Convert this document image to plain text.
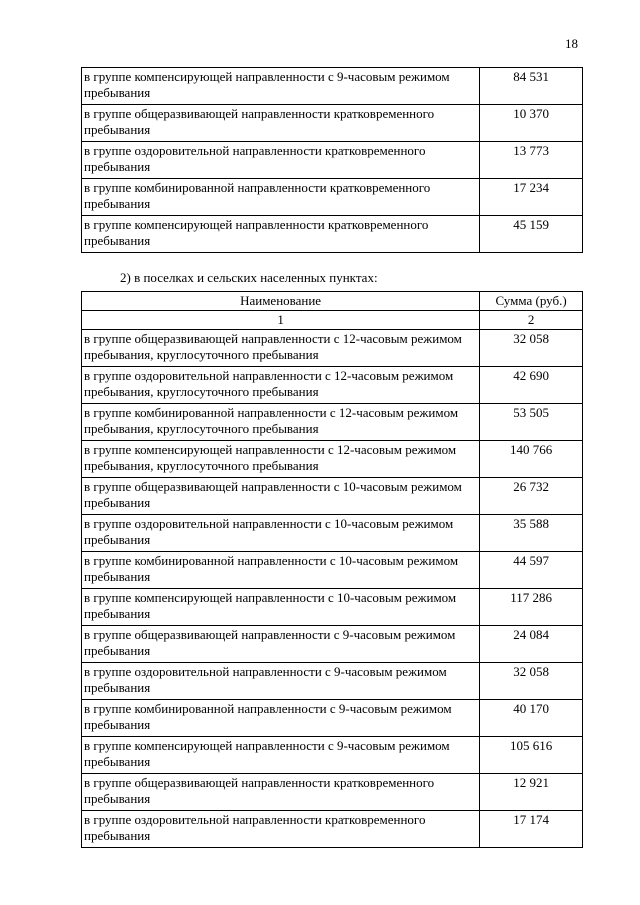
18
в группе компенсирующей направленности с 9-часовым режимом пребывания	84 531
в группе общеразвивающей направленности кратковременного пребывания	10 370
в группе оздоровительной направленности кратковременного пребывания	13 773
в группе комбинированной направленности кратковременного пребывания	17 234
в группе компенсирующей направленности кратковременного пребывания	45 159
2) в поселках и сельских населенных пунктах:
Наименование	Сумма (руб.)
1	2
в группе общеразвивающей направленности с 12-часовым режимом пребывания, круглосуточного пребывания	32 058
в группе оздоровительной направленности с 12-часовым режимом пребывания, круглосуточного пребывания	42 690
в группе комбинированной направленности с 12-часовым режимом пребывания, круглосуточного пребывания	53 505
в группе компенсирующей направленности с 12-часовым режимом пребывания, круглосуточного пребывания	140 766
в группе общеразвивающей направленности с 10-часовым режимом пребывания	26 732
в группе оздоровительной направленности с 10-часовым режимом пребывания	35 588
в группе комбинированной направленности с 10-часовым режимом пребывания	44 597
в группе компенсирующей направленности с 10-часовым режимом пребывания	117 286
в группе общеразвивающей направленности с 9-часовым режимом пребывания	24 084
в группе оздоровительной направленности с 9-часовым режимом пребывания	32 058
в группе комбинированной направленности с 9-часовым режимом пребывания	40 170
в группе компенсирующей направленности с 9-часовым режимом пребывания	105 616
в группе общеразвивающей направленности кратковременного пребывания	12 921
в группе оздоровительной направленности кратковременного пребывания	17 174
